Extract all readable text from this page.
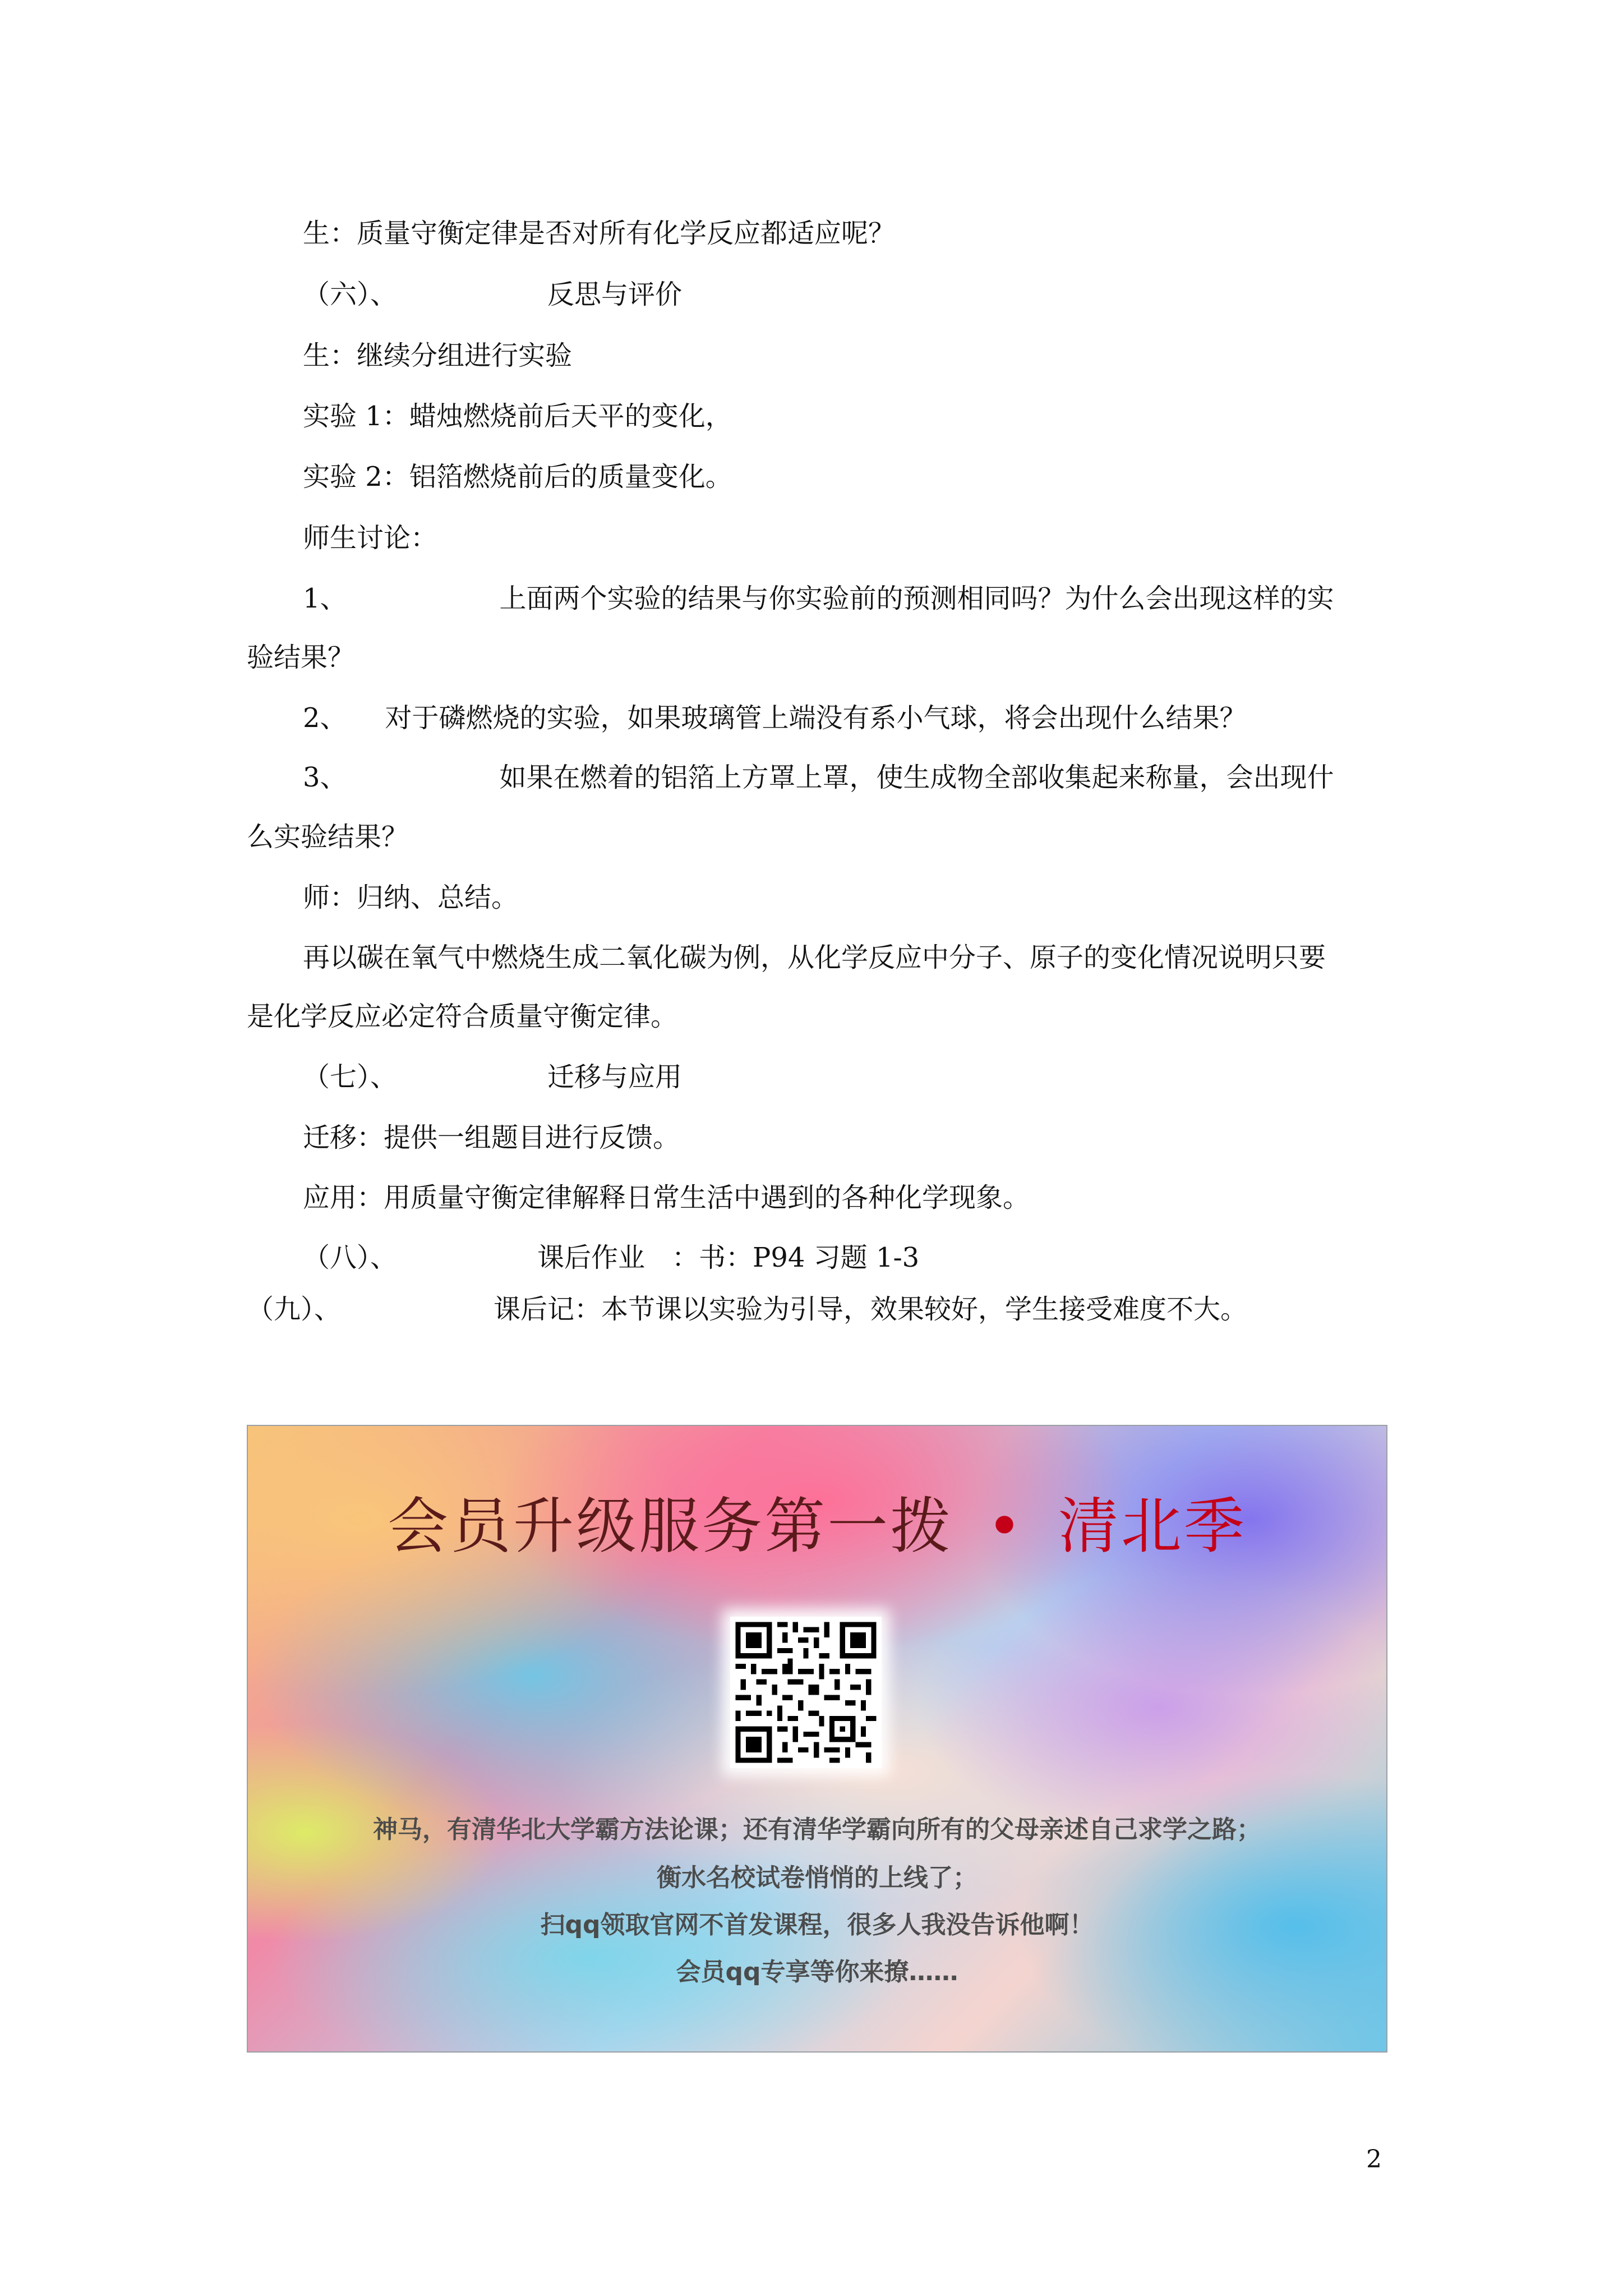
生：质量守衡定律是否对所有化学反应都适应呢？
（六）、	反思与评价
生：继续分组进行实验
实验 1：蜡烛燃烧前后天平的变化，
实验 2：铝箔燃烧前后的质量变化。
师生讨论：
1、	上面两个实验的结果与你实验前的预测相同吗？为什么会出现这样的实
验结果？
2、 对于磷燃烧的实验，如果玻璃管上端没有系小气球，将会出现什么结果？
3、	如果在燃着的铝箔上方罩上罩，使生成物全部收集起来称量，会出现什
么实验结果？
师：归纳、总结。
再以碳在氧气中燃烧生成二氧化碳为例，从化学反应中分子、原子的变化情况说明只要
是化学反应必定符合质量守衡定律。
（七）、	迁移与应用
迁移：提供一组题目进行反馈。
应用：用质量守衡定律解释日常生活中遇到的各种化学现象。
（八）、	课后作业 ：书：P94 习题 1-3
（九）、	课后记：本节课以实验为引导，效果较好，学生接受难度不大。
会员升级服务第一拨 • 清北季
神马，有清华北大学霸方法论课；还有清华学霸向所有的父母亲述自己求学之路；
衡水名校试卷悄悄的上线了；
扫qq领取官网不首发课程，很多人我没告诉他啊！
会员qq专享等你来撩……
2
